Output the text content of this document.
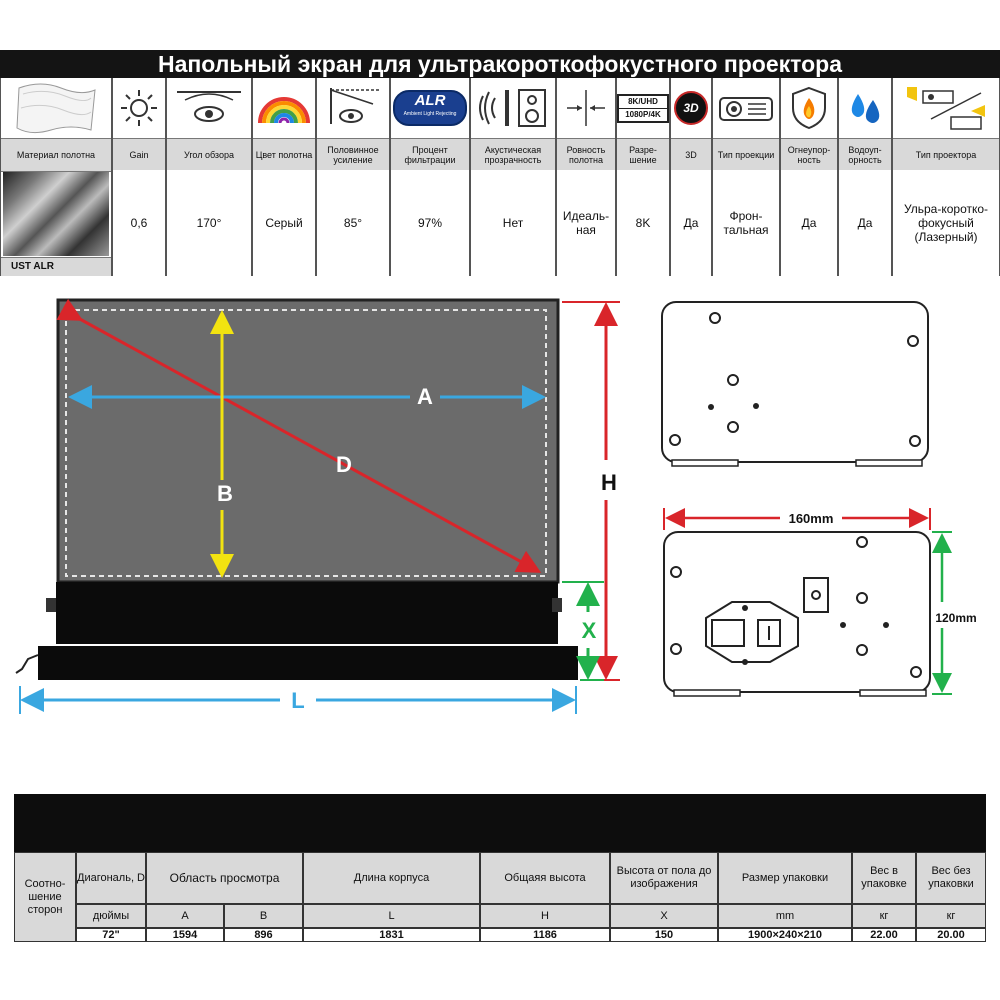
Напольный экран для ультракороткофокустного проектора
Материал полотна
UST ALR
Gain
0,6
Угол обзора
170°
Цвет полотна
Серый
Половинное усиление
85°
ALR
Ambient Light Rejecting
Процент фильтрации
97%
Акустическая прозрачность
Нет
Ровность полотна
Идеаль-ная
8K/UHD
1080P/4K
Разре-шение
8K
3D
3D
Да
Тип проекции
Фрон-тальная
Огнеупор-ность
Да
Водоуп-орность
Да
Тип проектора
Ульра-коротко-фокусный (Лазерный)
A
B
D
H
X
L
160mm
120mm
Соотно-шение сторон
Диагональ, D	Область просмотра	Длина корпуса	Общаяя высота
Высота от пола до изображения
Размер упаковки
Вес в упаковке
Вес без упаковки
дюймы	A	B	L	H	X	mm	кг	кг
72"	1594	896	1831	1186	150	1900×240×210	22.00	20.00
